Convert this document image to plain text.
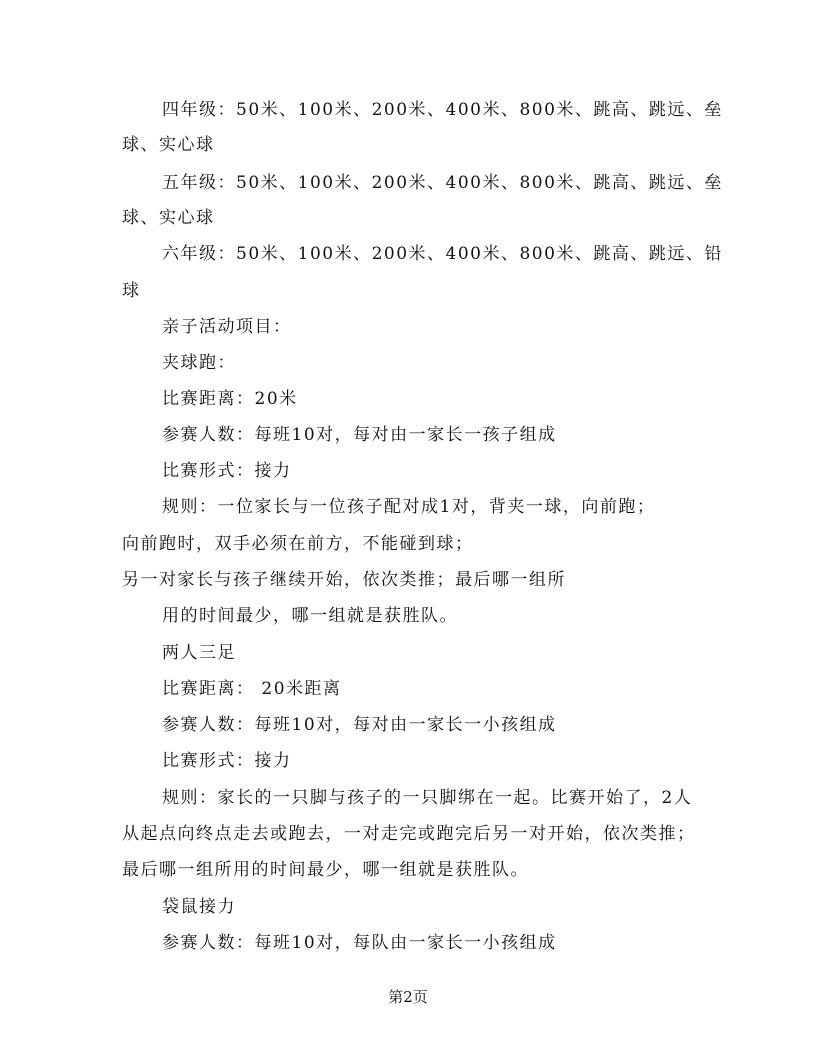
四年级：50米、100米、200米、400米、800米、跳高、跳远、垒
球、实心球
五年级：50米、100米、200米、400米、800米、跳高、跳远、垒
球、实心球
六年级：50米、100米、200米、400米、800米、跳高、跳远、铅
球
亲子活动项目：
夹球跑：
比赛距离：20米
参赛人数：每班10对，每对由一家长一孩子组成
比赛形式：接力
规则：一位家长与一位孩子配对成1对，背夹一球，向前跑；
向前跑时，双手必须在前方，不能碰到球；
另一对家长与孩子继续开始，依次类推；最后哪一组所
用的时间最少，哪一组就是获胜队。
两人三足
比赛距离： 20米距离
参赛人数：每班10对，每对由一家长一小孩组成
比赛形式：接力
规则：家长的一只脚与孩子的一只脚绑在一起。比赛开始了，2人
从起点向终点走去或跑去，一对走完或跑完后另一对开始，依次类推；
最后哪一组所用的时间最少，哪一组就是获胜队。
袋鼠接力
参赛人数：每班10对，每队由一家长一小孩组成
第2页
